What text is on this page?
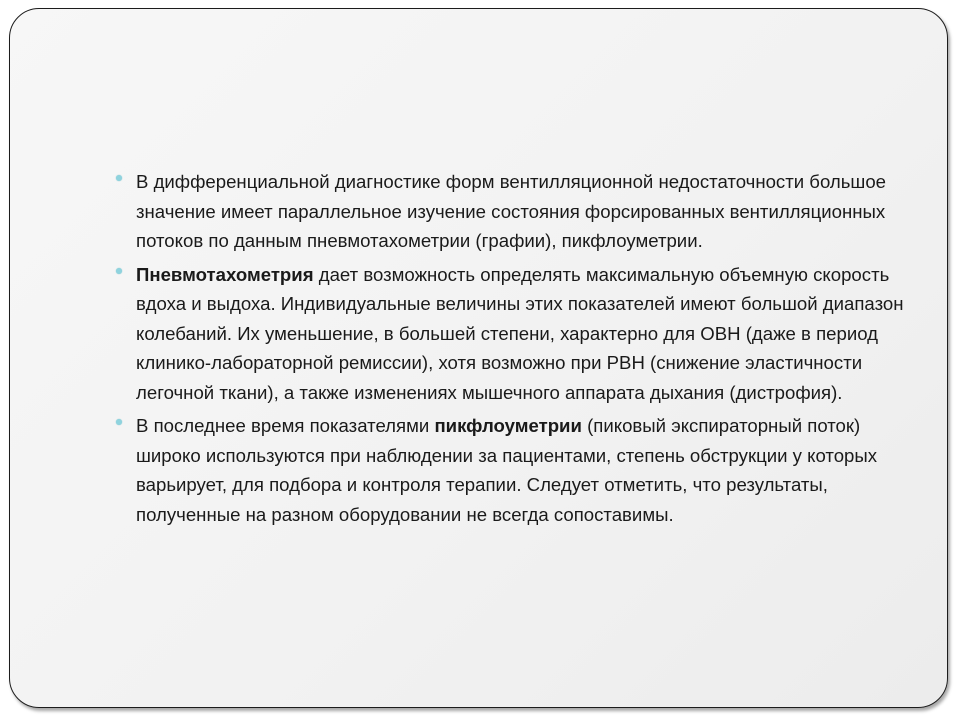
В дифференциальной диагностике форм вентилляционной недостаточности большое значение имеет параллельное изучение состояния форсированных вентилляционных потоков по данным пневмотахометрии (графии), пикфлоуметрии.
Пневмотахометрия дает возможность определять максимальную объемную скорость вдоха и выдоха. Индивидуальные величины этих показателей имеют большой диапазон колебаний. Их уменьшение, в большей степени, характерно для ОВН (даже в период клинико-лабораторной ремиссии), хотя возможно при РВН (снижение эластичности легочной ткани), а также изменениях мышечного аппарата дыхания (дистрофия).
В последнее время показателями пикфлоуметрии (пиковый экспираторный поток) широко используются при наблюдении за пациентами, степень обструкции у которых варьирует, для подбора и контроля терапии. Следует отметить, что результаты, полученные на разном оборудовании не всегда сопоставимы.
